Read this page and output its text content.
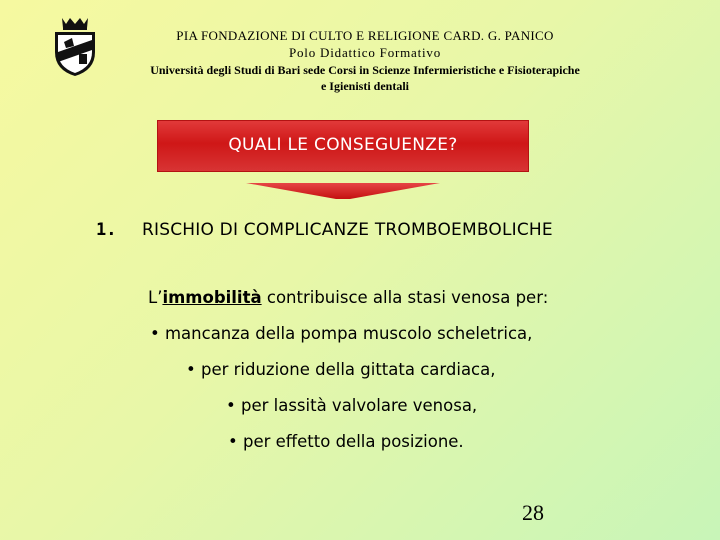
PIA FONDAZIONE DI CULTO E RELIGIONE CARD. G. PANICO
Polo Didattico Formativo
Università degli Studi di Bari sede Corsi in Scienze Infermieristiche e Fisioterapiche
e Igienisti dentali
QUALI LE CONSEGUENZE?
1. RISCHIO DI COMPLICANZE TROMBOEMBOLICHE
L’immobilità contribuisce alla stasi venosa per:
• mancanza della pompa muscolo scheletrica,
• per riduzione della gittata cardiaca,
• per lassità valvolare venosa,
• per effetto della posizione.
28
